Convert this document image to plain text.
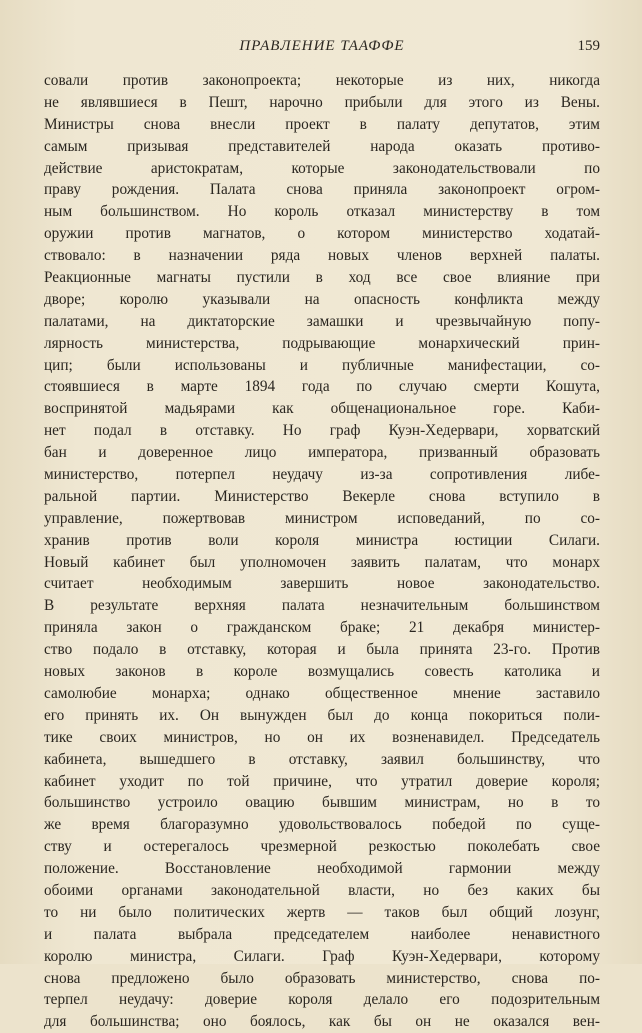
ПРАВЛЕНИЕ ТААФФЕ	159
совали против законопроекта; некоторые из них, никогда
не являвшиеся в Пешт, нарочно прибыли для этого из Вены.
Министры снова внесли проект в палату депутатов, этим
самым призывая представителей народа оказать противо-
действие аристократам, которые законодательствовали по
праву рождения. Палата снова приняла законопроект огром-
ным большинством. Но король отказал министерству в том
оружии против магнатов, о котором министерство ходатай-
ствовало: в назначении ряда новых членов верхней палаты.
Реакционные магнаты пустили в ход все свое влияние при
дворе; королю указывали на опасность конфликта между
палатами, на диктаторские замашки и чрезвычайную попу-
лярность министерства, подрывающие монархический прин-
цип; были использованы и публичные манифестации, со-
стоявшиеся в марте 1894 года по случаю смерти Кошута,
воспринятой мадьярами как общенациональное горе. Каби-
нет подал в отставку. Но граф Куэн-Хедервари, хорватский
бан и доверенное лицо императора, призванный образовать
министерство, потерпел неудачу из-за сопротивления либе-
ральной партии. Министерство Векерле снова вступило в
управление, пожертвовав министром исповеданий, по со-
хранив против воли короля министра юстиции Силаги.
Новый кабинет был уполномочен заявить палатам, что монарх
считает необходимым завершить новое законодательство.
В результате верхняя палата незначительным большинством
приняла закон о гражданском браке; 21 декабря министер-
ство подало в отставку, которая и была принята 23-го. Против
новых законов в короле возмущались совесть католика и
самолюбие монарха; однако общественное мнение заставило
его принять их. Он вынужден был до конца покориться поли-
тике своих министров, но он их возненавидел. Председатель
кабинета, вышедшего в отставку, заявил большинству, что
кабинет уходит по той причине, что утратил доверие короля;
большинство устроило овацию бывшим министрам, но в то
же время благоразумно удовольствовалось победой по суще-
ству и остерегалось чрезмерной резкостью поколебать свое
положение. Восстановление необходимой гармонии между
обоими органами законодательной власти, но без каких бы
то ни было политических жертв — таков был общий лозунг,
и палата выбрала председателем наиболее ненавистного
королю министра, Силаги. Граф Куэн-Хедервари, которому
снова предложено было образовать министерство, снова по-
терпел неудачу: доверие короля делало его подозрительным
для большинства; оно боялось, как бы он не оказался вен-
